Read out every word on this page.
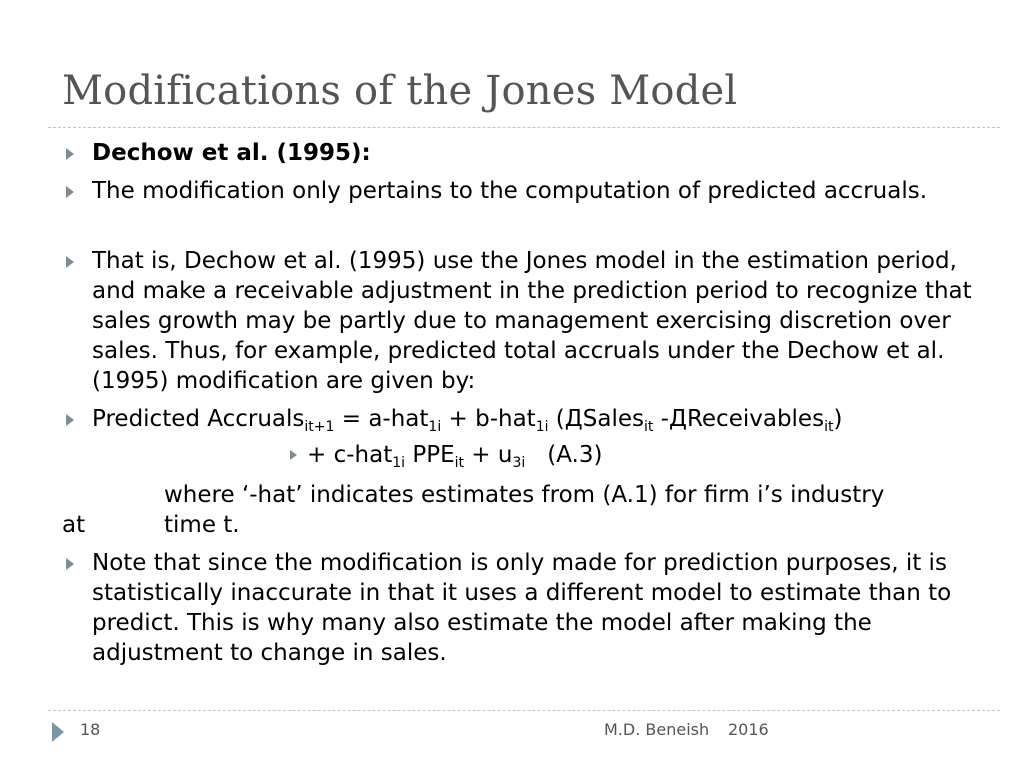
Modifications of the Jones Model
Dechow et al. (1995):
The modification only pertains to the computation of predicted accruals.
That is, Dechow et al. (1995) use the Jones model in the estimation period, and make a receivable adjustment in the prediction period to recognize that sales growth may be partly due to management exercising discretion over sales. Thus, for example, predicted total accruals under the Dechow et al. (1995) modification are given by:
Predicted Accruals$_{it+1}$ = a-hat$_{1i}$ + b-hat$_{1i}$ (ДSales$_{it}$ -ДReceivables$_{it}$)
+ c-hat$_{1i}$ $PPE_{it} + u_{3i}$   (A.3)
where ‘-hat’ indicates estimates from (A.1) for firm i’s industry
at	time t.
Note that since the modification is only made for prediction purposes, it is statistically inaccurate in that it uses a different model to estimate than to predict. This is why many also estimate the model after making the adjustment to change in sales.
18	M.D. Beneish 2016
